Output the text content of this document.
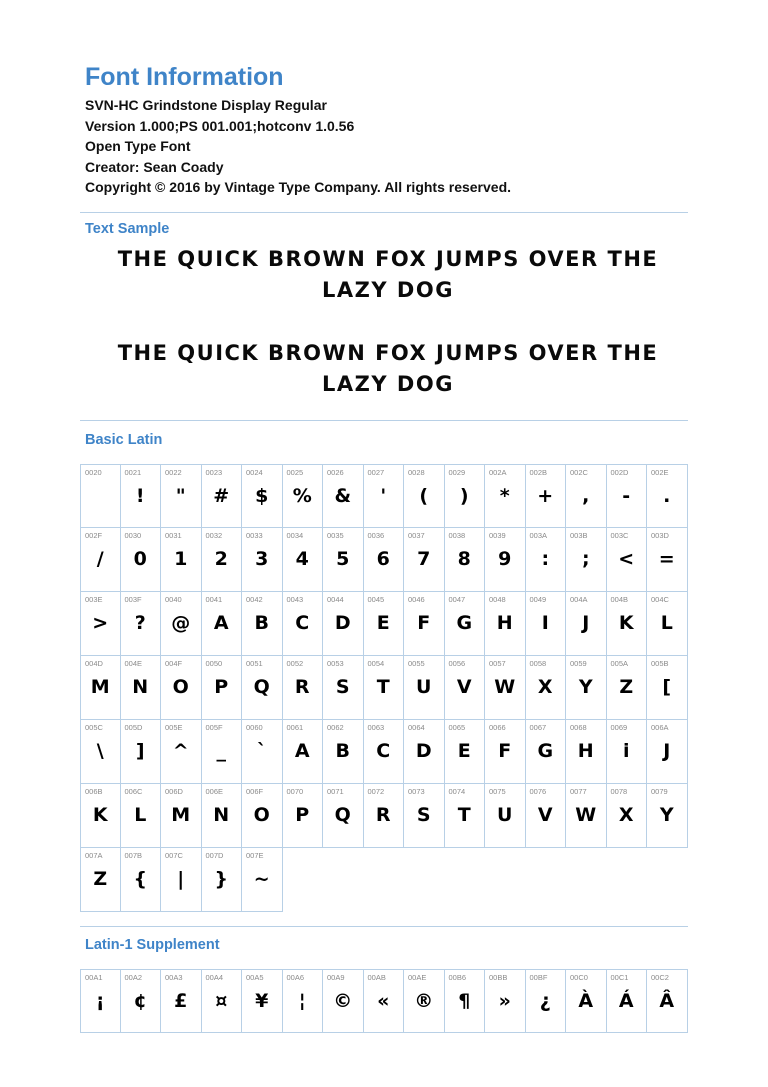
Font Information
SVN-HC Grindstone Display Regular
Version 1.000;PS 001.001;hotconv 1.0.56
Open Type Font
Creator: Sean Coady
Copyright © 2016 by Vintage Type Company. All rights reserved.
Text Sample
THE QUICK BROWN FOX JUMPS OVER THE
LAZY DOG
THE QUICK BROWN FOX JUMPS OVER THE
LAZY DOG
Basic Latin
0020	0021
!
0022
"
0023
#
0024
$
0025
%
0026
&
0027
'
0028
(
0029
)
002A
*
002B
+
002C
,
002D
-
002E
.
002F
/
0030
0
0031
1
0032
2
0033
3
0034
4
0035
5
0036
6
0037
7
0038
8
0039
9
003A
:
003B
;
003C
<
003D
=
003E
>
003F
?
0040
@
0041
A
0042
B
0043
C
0044
D
0045
E
0046
F
0047
G
0048
H
0049
I
004A
J
004B
K
004C
L
004D
M
004E
N
004F
O
0050
P
0051
Q
0052
R
0053
S
0054
T
0055
U
0056
V
0057
W
0058
X
0059
Y
005A
Z
005B
[
005C
\
005D
]
005E
^
005F
_
0060
`
0061
A
0062
B
0063
C
0064
D
0065
E
0066
F
0067
G
0068
H
0069
i
006A
J
006B
K
006C
L
006D
M
006E
N
006F
O
0070
P
0071
Q
0072
R
0073
S
0074
T
0075
U
0076
V
0077
W
0078
X
0079
Y
007A
Z
007B
{
007C
|
007D
}
007E
~
Latin-1 Supplement
00A1
¡
00A2
¢
00A3
£
00A4
¤
00A5
¥
00A6
¦
00A9
©
00AB
«
00AE
®
00B6
¶
00BB
»
00BF
¿
00C0
À
00C1
Á
00C2
Â
